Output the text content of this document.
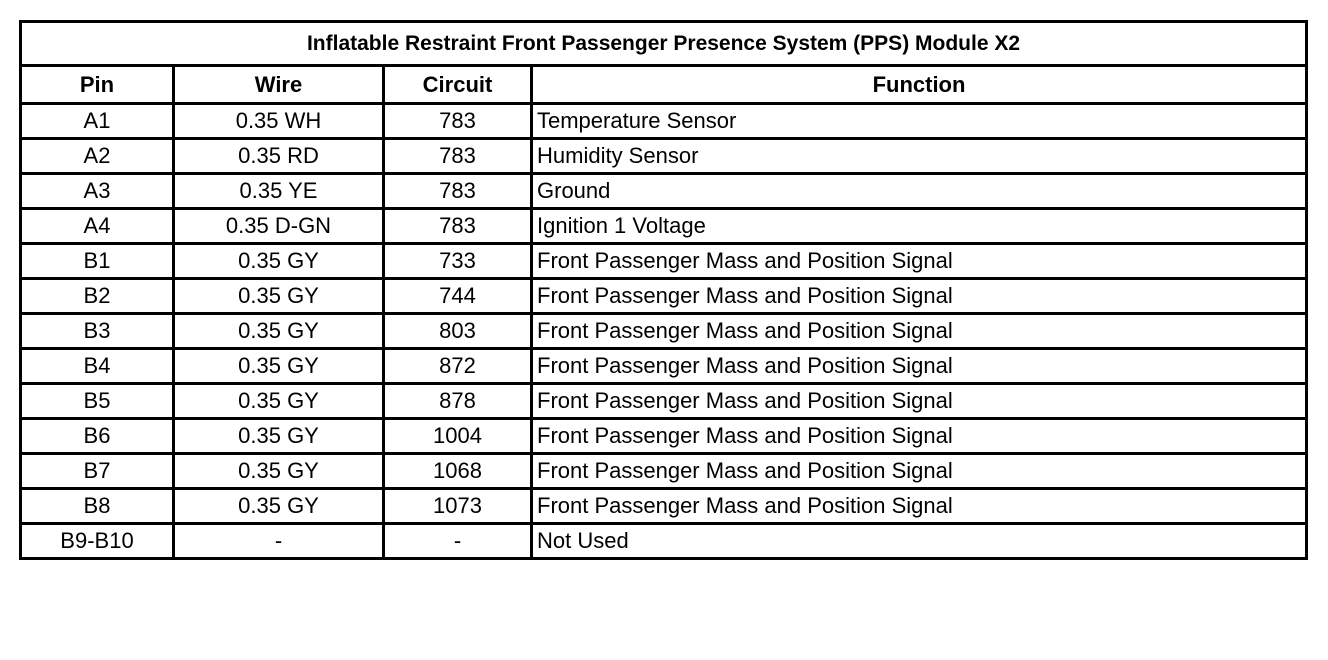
Inflatable Restraint Front Passenger Presence System (PPS) Module X2			
Pin	Wire	Circuit	Function
A1	0.35 WH	783	Temperature Sensor
A2	0.35 RD	783	Humidity Sensor
A3	0.35 YE	783	Ground
A4	0.35 D-GN	783	Ignition 1 Voltage
B1	0.35 GY	733	Front Passenger Mass and Position Signal
B2	0.35 GY	744	Front Passenger Mass and Position Signal
B3	0.35 GY	803	Front Passenger Mass and Position Signal
B4	0.35 GY	872	Front Passenger Mass and Position Signal
B5	0.35 GY	878	Front Passenger Mass and Position Signal
B6	0.35 GY	1004	Front Passenger Mass and Position Signal
B7	0.35 GY	1068	Front Passenger Mass and Position Signal
B8	0.35 GY	1073	Front Passenger Mass and Position Signal
B9-B10	-	-	Not Used
